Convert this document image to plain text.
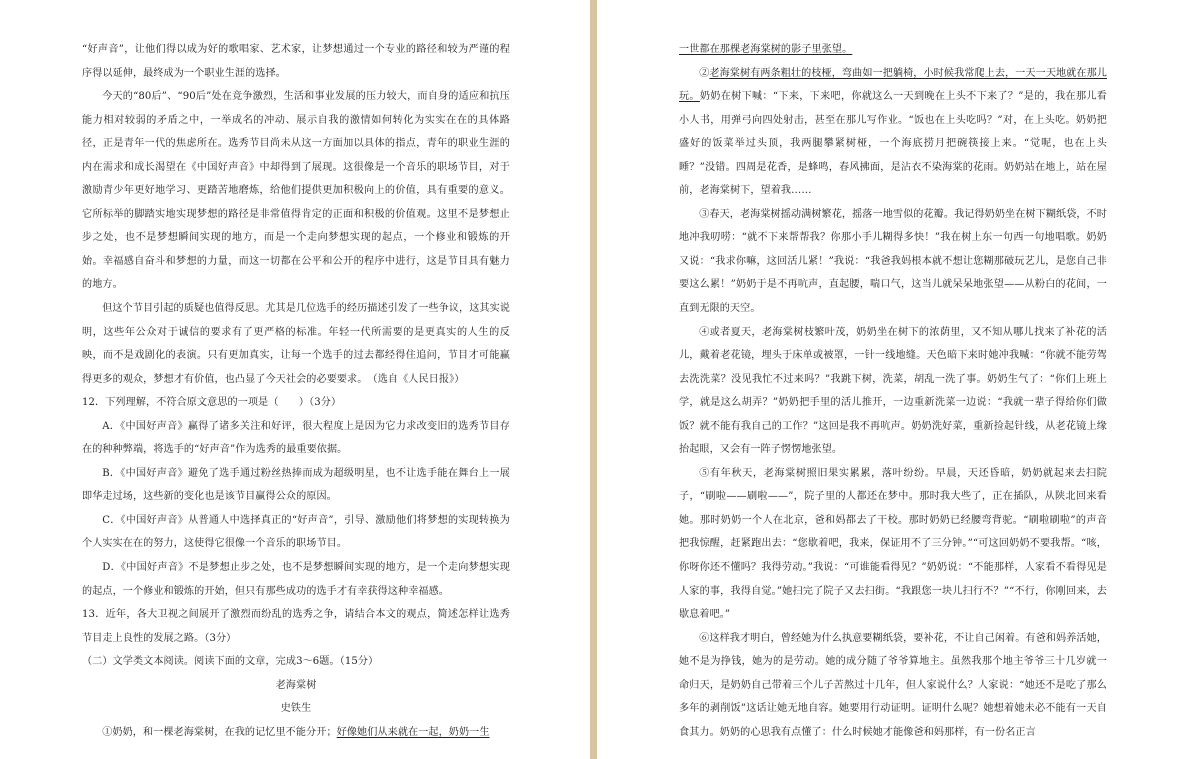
“好声音”，让他们得以成为好的歌唱家、艺术家，让梦想通过一个专业的路径和较为严谨的程序得以延伸，最终成为一个职业生涯的选择。

今天的“80后”、“90后”处在竞争激烈，生活和事业发展的压力较大，而自身的适应和抗压能力相对较弱的矛盾之中，一举成名的冲动、展示自我的激情如何转化为实实在在的具体路径，正是青年一代的焦虑所在。选秀节目尚未从这一方面加以具体的指点，青年的职业生涯的内在需求和成长渴望在《中国好声音》中却得到了展现。这很像是一个音乐的职场节目，对于激励青少年更好地学习、更踏苦地磨炼，给他们提供更加积极向上的价值，具有重要的意义。它所标举的脚踏实地实现梦想的路径是非常值得肯定的正面和积极的价值观。这里不是梦想止步之处，也不是梦想瞬间实现的地方，而是一个走向梦想实现的起点，一个修业和锻炼的开始。幸福感自奋斗和梦想的力量，而这一切都在公平和公开的程序中进行，这是节目具有魅力的地方。

但这个节目引起的质疑也值得反思。尤其是几位选手的经历描述引发了一些争议，这其实说明，这些年公众对于诚信的要求有了更严格的标准。年轻一代所需要的是更真实的人生的反映，而不是戏剧化的表演。只有更加真实，让每一个选手的过去都经得住追问，节目才可能赢得更多的观众，梦想才有价值，也凸显了今天社会的必要要求。　（选自《人民日报》）

12．下列理解，不符合原文意思的一项是（　　）（3分）

A．《中国好声音》赢得了诸多关注和好评，很大程度上是因为它力求改变旧的选秀节目存在的种种弊端，将选手的“好声音”作为选秀的最重要依据。

B．《中国好声音》避免了选手通过粉丝热捧而成为超级明星，也不让选手能在舞台上一展即华走过场，这些新的变化也是该节目赢得公众的原因。

C．《中国好声音》从普通人中选择真正的“好声音”，引导、激励他们将梦想的实现转换为个人实实在在的努力，这使得它很像一个音乐的职场节目。

D．《中国好声音》不是梦想止步之处，也不是梦想瞬间实现的地方，是一个走向梦想实现的起点，一个修业和锻炼的开始，但只有那些成功的选手才有幸获得这种幸福感。

13．近年，各大卫视之间展开了激烈而纷乱的选秀之争，请结合本文的观点，简述怎样让选秀节目走上良性的发展之路。（3分）

（二）文学类文本阅读。阅读下面的文章，完成3～6题。（15分）

老海棠树

史铁生

①奶奶，和一棵老海棠树，在我的记忆里不能分开；好像她们从来就在一起，奶奶一生

一世都在那棵老海棠树的影子里张望。

②老海棠树有两条粗壮的枝桠，弯曲如一把躺椅，小时候我常爬上去，一天一天地就在那儿玩。奶奶在树下喊：“下来，下来吧，你就这么一天到晚在上头不下来了？”是的，我在那儿看小人书，用弹弓向四处射击，甚至在那儿写作业。“饭也在上头吃吗？”对，在上头吃。奶奶把盛好的饭菜举过头顶，我两腿攀紧树桠，一个海底捞月把碗筷接上来。“觉呢，也在上头睡？”没错。四周是花香，是蜂鸣，春风拂面，是沾衣不染海棠的花雨。奶奶站在地上，站在屋前，老海棠树下，望着我……

③春天，老海棠树摇动满树繁花，摇落一地雪似的花瓣。我记得奶奶坐在树下糊纸袋，不时地冲我叨唠：“就不下来帮帮我？你那小手儿糊得多快！”我在树上东一句西一句地唱歌。奶奶又说：“我求你嘛，这回活儿紧！”我说：“我爸我妈根本就不想让您糊那破玩艺儿，是您自己非要这么累！”奶奶于是不再吭声，直起腰，喘口气，这当儿就呆呆地张望——从粉白的花间，一直到无限的天空。

④或者夏天，老海棠树枝繁叶茂，奶奶坐在树下的浓荫里，又不知从哪儿找来了补花的活儿，戴着老花镜，埋头于床单或被罩，一针一线地缝。天色暗下来时她冲我喊：“你就不能劳驾去洗洗菜？没见我忙不过来吗？”我跳下树，洗菜，胡乱一洗了事。奶奶生气了：“你们上班上学，就是这么胡弄？”奶奶把手里的活儿推开，一边重新洗菜一边说：“我就一辈子得给你们做饭？就不能有我自己的工作？”这回是我不再吭声。奶奶洗好菜，重新捡起针线，从老花镜上缘抬起眼，又会有一阵子愣愣地张望。

⑤有年秋天，老海棠树照旧果实累累，落叶纷纷。早晨，天还昏暗，奶奶就起来去扫院子，“刷啦——刷啦——”，院子里的人都还在梦中。那时我大些了，正在插队，从陕北回来看她。那时奶奶一个人在北京，爸和妈都去了干校。那时奶奶已经腰弯背驼。“刷啦刷啦”的声音把我惊醒，赶紧跑出去：“您歇着吧，我来，保证用不了三分钟。”“可这回奶奶不要我帮。“咳，你呀你还不懂吗？我得劳动。”我说：“可谁能看得见？”奶奶说：“不能那样，人家看不看得见是人家的事，我得自觉。”她扫完了院子又去扫街。“我跟您一块儿扫行不？”“不行，你刚回来，去歇息着吧。”

⑥这样我才明白，曾经她为什么执意要糊纸袋，要补花，不让自己闲着。有爸和妈养活她，她不是为挣钱，她为的是劳动。她的成分随了爷爷算地主。虽然我那个地主爷爷三十几岁就一命归天，是奶奶自己带着三个儿子苦熬过十几年，但人家说什么？人家说：“她还不是吃了那么多年的剥削饭”这话让她无地自容。她要用行动证明。证明什么呢？她想着她未必不能有一天自食其力。奶奶的心思我有点懂了：什么时候她才能像爸和妈那样，有一份名正言
